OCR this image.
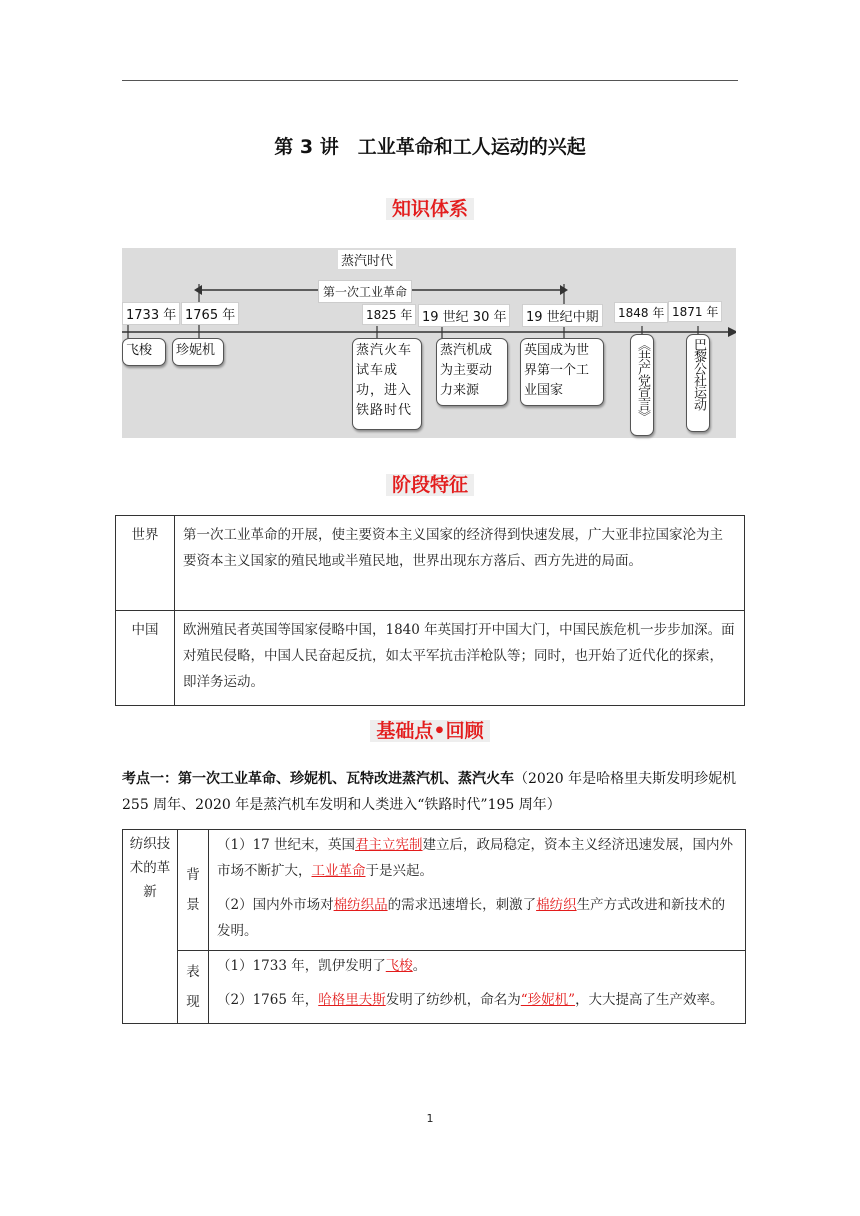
第 3 讲　工业革命和工人运动的兴起
知识体系
蒸汽时代
第一次工业革命
1733 年 1765 年	1825 年 19 世纪 30 年	19 世纪中期	1848 年 1871 年
飞梭	珍妮机	蒸汽火车试车成功，进入铁路时代
蒸汽机成为主要动力来源
英国成为世界第一个工业国家	《共产党宣言》	巴黎公社运动
阶段特征
世界	第一次工业革命的开展，使主要资本主义国家的经济得到快速发展，广大亚非拉国家沦为主要资本主义国家的殖民地或半殖民地，世界出现东方落后、西方先进的局面。
中国	欧洲殖民者英国等国家侵略中国，1840 年英国打开中国大门，中国民族危机一步步加深。面对殖民侵略，中国人民奋起反抗，如太平军抗击洋枪队等；同时，也开始了近代化的探索，即洋务运动。
基础点•回顾
考点一：第一次工业革命、珍妮机、瓦特改进蒸汽机、蒸汽火车（2020 年是哈格里夫斯发明珍妮机 255 周年、2020 年是蒸汽机车发明和人类进入“铁路时代”195 周年）
纺织技术的革新	背景	（1）17 世纪末，英国君主立宪制建立后，政局稳定，资本主义经济迅速发展，国内外市场不断扩大，工业革命于是兴起。

（2）国内外市场对棉纺织品的需求迅速增长，刺激了棉纺织生产方式改进和新技术的发明。

	表现	（1）1733 年，凯伊发明了飞梭。

（2）1765 年，哈格里夫斯发明了纺纱机，命名为“珍妮机”，大大提高了生产效率。

1
